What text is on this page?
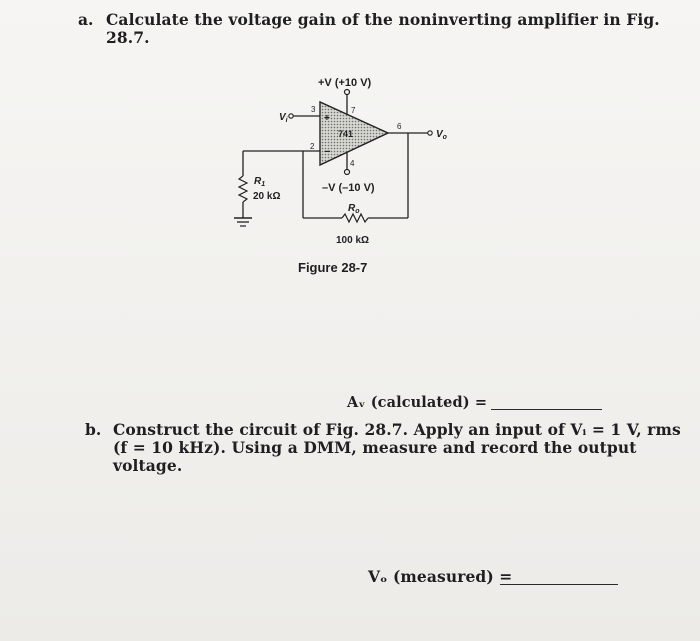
a. Calculate the voltage gain of the noninverting amplifier in Fig.
28.7.
741
+V (+10 V)
7
4
–V (–10 V)
$V_i$
3
+
2 −
6
$V_o$
$R_o$
100 kΩ
$R_1$
20 kΩ
Figure 28-7
Aᵥ (calculated) =
b. Construct the circuit of Fig. 28.7. Apply an input of Vᵢ = 1 V, rms
(f = 10 kHz). Using a DMM, measure and record the output
voltage.
Vₒ (measured) =
